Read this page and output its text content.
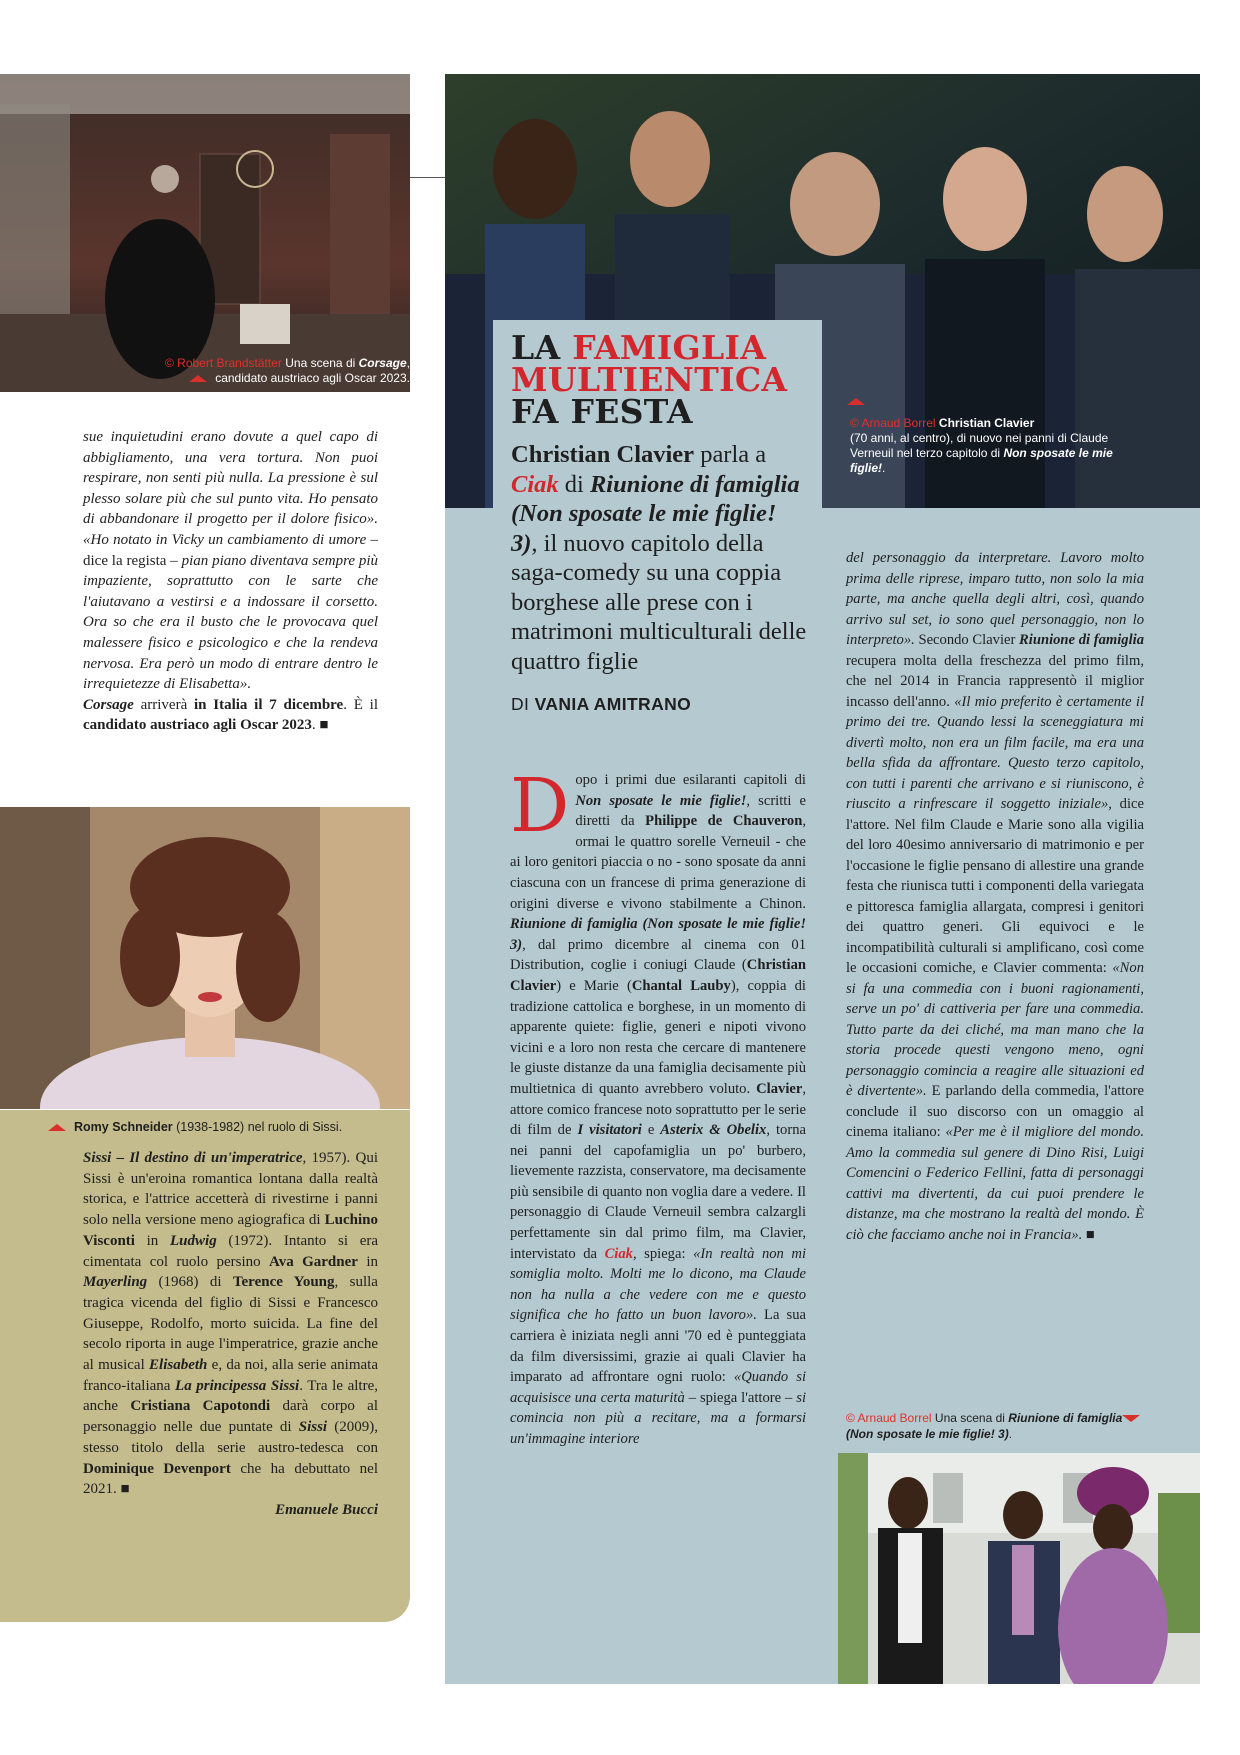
© Robert Brandstätter Una scena di Corsage,
candidato austriaco agli Oscar 2023.

sue inquietudini erano dovute a quel capo di abbigliamento, una vera tortura. Non puoi respirare, non senti più nulla. La pressione è sul plesso solare più che sul punto vita. Ho pensato di abbandonare il progetto per il dolore fisico». «Ho notato in Vicky un cambiamento di umore – dice la regista – pian piano diventava sempre più impaziente, soprattutto con le sarte che l'aiutavano a vestirsi e a indossare il corsetto. Ora so che era il busto che le provocava quel malessere fisico e psicologico e che la rendeva nervosa. Era però un modo di entrare dentro le irrequietezze di Elisabetta».

Corsage arriverà in Italia il 7 dicembre. È il candidato austriaco agli Oscar 2023. ■

Romy Schneider (1938-1982) nel ruolo di Sissi.

Sissi – Il destino di un'imperatrice, 1957). Qui Sissi è un'eroina romantica lontana dalla realtà storica, e l'attrice accetterà di rivestirne i panni solo nella versione meno agiografica di Luchino Visconti in Ludwig (1972). Intanto si era cimentata col ruolo persino Ava Gardner in Mayerling (1968) di Terence Young, sulla tragica vicenda del figlio di Sissi e Francesco Giuseppe, Rodolfo, morto suicida. La fine del secolo riporta in auge l'imperatrice, grazie anche al musical Elisabeth e, da noi, alla serie animata franco-italiana La principessa Sissi. Tra le altre, anche Cristiana Capotondi darà corpo al personaggio nelle due puntate di Sissi (2009), stesso titolo della serie austro-tedesca con Dominique Devenport che ha debuttato nel 2021. ■

Emanuele Bucci

© Arnaud Borrel Christian Clavier
(70 anni, al centro), di nuovo nei panni di Claude Verneuil nel terzo capitolo di Non sposate le mie figlie!.
LA FAMIGLIA
MULTIENTICA
FA FESTA
Christian Clavier parla a Ciak di Riunione di famiglia (Non sposate le mie figlie! 3), il nuovo capitolo della saga-comedy su una coppia borghese alle prese con i matrimoni multiculturali delle quattro figlie
DI VANIA AMITRANO

Dopo i primi due esilaranti capitoli di Non sposate le mie figlie!, scritti e diretti da Philippe de Chauveron, ormai le quattro sorelle Verneuil - che ai loro genitori piaccia o no - sono sposate da anni ciascuna con un francese di prima generazione di origini diverse e vivono stabilmente a Chinon. Riunione di famiglia (Non sposate le mie figlie! 3), dal primo dicembre al cinema con 01 Distribution, coglie i coniugi Claude (Christian Clavier) e Marie (Chantal Lauby), coppia di tradizione cattolica e borghese, in un momento di apparente quiete: figlie, generi e nipoti vivono vicini e a loro non resta che cercare di mantenere le giuste distanze da una famiglia decisamente più multietnica di quanto avrebbero voluto. Clavier, attore comico francese noto soprattutto per le serie di film de I visitatori e Asterix & Obelix, torna nei panni del capofamiglia un po' burbero, lievemente razzista, conservatore, ma decisamente più sensibile di quanto non voglia dare a vedere. Il personaggio di Claude Verneuil sembra calzargli perfettamente sin dal primo film, ma Clavier, intervistato da Ciak, spiega: «In realtà non mi somiglia molto. Molti me lo dicono, ma Claude non ha nulla a che vedere con me e questo significa che ho fatto un buon lavoro». La sua carriera è iniziata negli anni '70 ed è punteggiata da film diversissimi, grazie ai quali Clavier ha imparato ad affrontare ogni ruolo: «Quando si acquisisce una certa maturità – spiega l'attore – si comincia non più a recitare, ma a formarsi un'immagine interiore

del personaggio da interpretare. Lavoro molto prima delle riprese, imparo tutto, non solo la mia parte, ma anche quella degli altri, così, quando arrivo sul set, io sono quel personaggio, non lo interpreto». Secondo Clavier Riunione di famiglia recupera molta della freschezza del primo film, che nel 2014 in Francia rappresentò il miglior incasso dell'anno. «Il mio preferito è certamente il primo dei tre. Quando lessi la sceneggiatura mi divertì molto, non era un film facile, ma era una bella sfida da affrontare. Questo terzo capitolo, con tutti i parenti che arrivano e si riuniscono, è riuscito a rinfrescare il soggetto iniziale», dice l'attore. Nel film Claude e Marie sono alla vigilia del loro 40esimo anniversario di matrimonio e per l'occasione le figlie pensano di allestire una grande festa che riunisca tutti i componenti della variegata e pittoresca famiglia allargata, compresi i genitori dei quattro generi. Gli equivoci e le incompatibilità culturali si amplificano, così come le occasioni comiche, e Clavier commenta: «Non si fa una commedia con i buoni ragionamenti, serve un po' di cattiveria per fare una commedia. Tutto parte da dei cliché, ma man mano che la storia procede questi vengono meno, ogni personaggio comincia a reagire alle situazioni ed è divertente». E parlando della commedia, l'attore conclude il suo discorso con un omaggio al cinema italiano: «Per me è il migliore del mondo. Amo la commedia sul genere di Dino Risi, Luigi Comencini o Federico Fellini, fatta di personaggi cattivi ma divertenti, da cui puoi prendere le distanze, ma che mostrano la realtà del mondo. È ciò che facciamo anche noi in Francia». ■

© Arnaud Borrel Una scena di Riunione di famiglia (Non sposate le mie figlie! 3).
